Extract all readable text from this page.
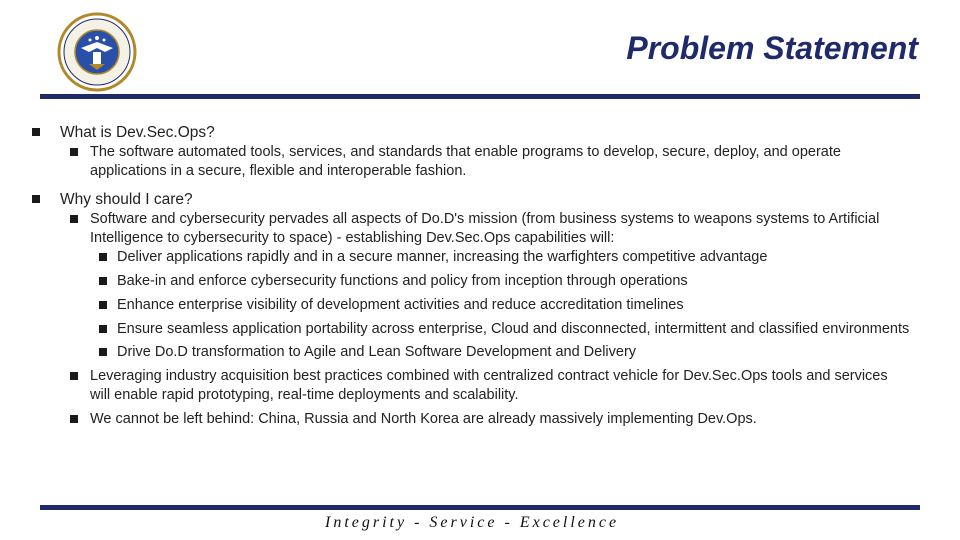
Problem Statement
What is Dev.Sec.Ops?
The software automated tools, services, and standards that enable programs to develop, secure, deploy, and operate applications in a secure, flexible and interoperable fashion.
Why should I care?
Software and cybersecurity pervades all aspects of Do.D's mission (from business systems to weapons systems to Artificial Intelligence to cybersecurity to space) - establishing Dev.Sec.Ops capabilities will:
Deliver applications rapidly and in a secure manner, increasing the warfighters competitive advantage
Bake-in and enforce cybersecurity functions and policy from inception through operations
Enhance enterprise visibility of development activities and reduce accreditation timelines
Ensure seamless application portability across enterprise, Cloud and disconnected, intermittent and classified environments
Drive Do.D transformation to Agile and Lean Software Development and Delivery
Leveraging industry acquisition best practices combined with centralized contract vehicle for Dev.Sec.Ops tools and services will enable rapid prototyping, real-time deployments and scalability.
We cannot be left behind: China, Russia and North Korea are already massively implementing Dev.Ops.
Integrity - Service - Excellence
